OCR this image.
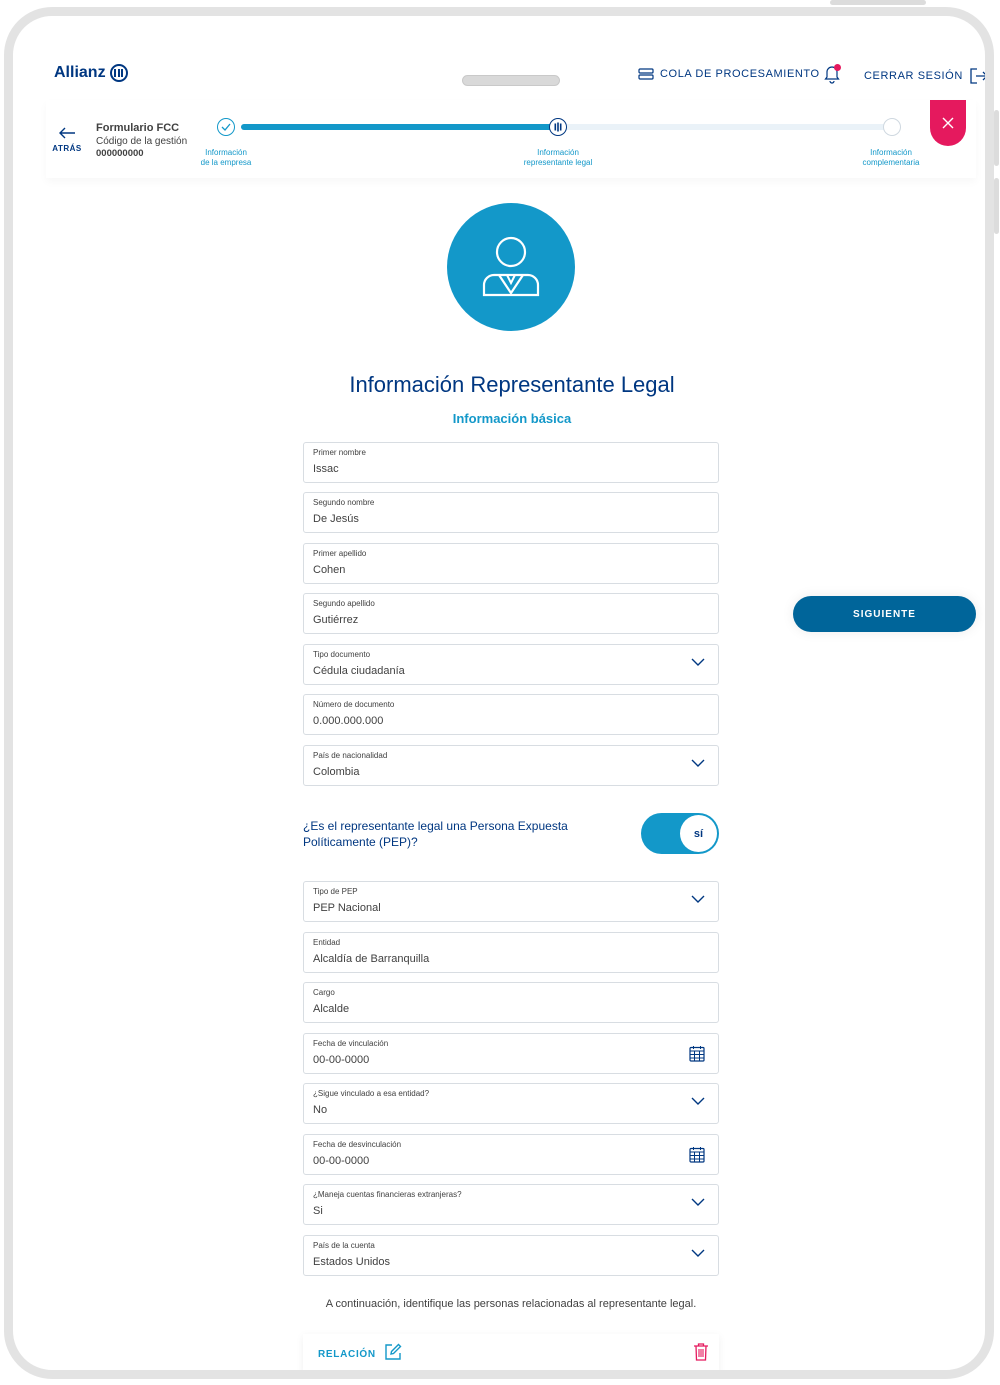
Allianz	COLA DE PROCESAMIENTO	CERRAR SESIÓN
ATRÁS
Formulario FCC
Código de la gestión
000000000	Información
de la empresa
Información
representante legal
Información
complementaria
Información Representante Legal
Información básica
Primer nombre
Issac
Segundo nombre
De Jesús
Primer apellido
Cohen
Segundo apellido
Gutiérrez
Tipo documento
Cédula ciudadanía
Número de documento
0.000.000.000
País de nacionalidad
Colombia
¿Es el representante legal una Persona Expuesta Políticamente (PEP)?
sí
Tipo de PEP
PEP Nacional
Entidad
Alcaldía de Barranquilla
Cargo
Alcalde
Fecha de vinculación
00-00-0000
¿Sigue vinculado a esa entidad?
No
Fecha de desvinculación
00-00-0000
¿Maneja cuentas financieras extranjeras?
Si
País de la cuenta
Estados Unidos
A continuación, identifique las personas relacionadas al representante legal.
RELACIÓN
SIGUIENTE
